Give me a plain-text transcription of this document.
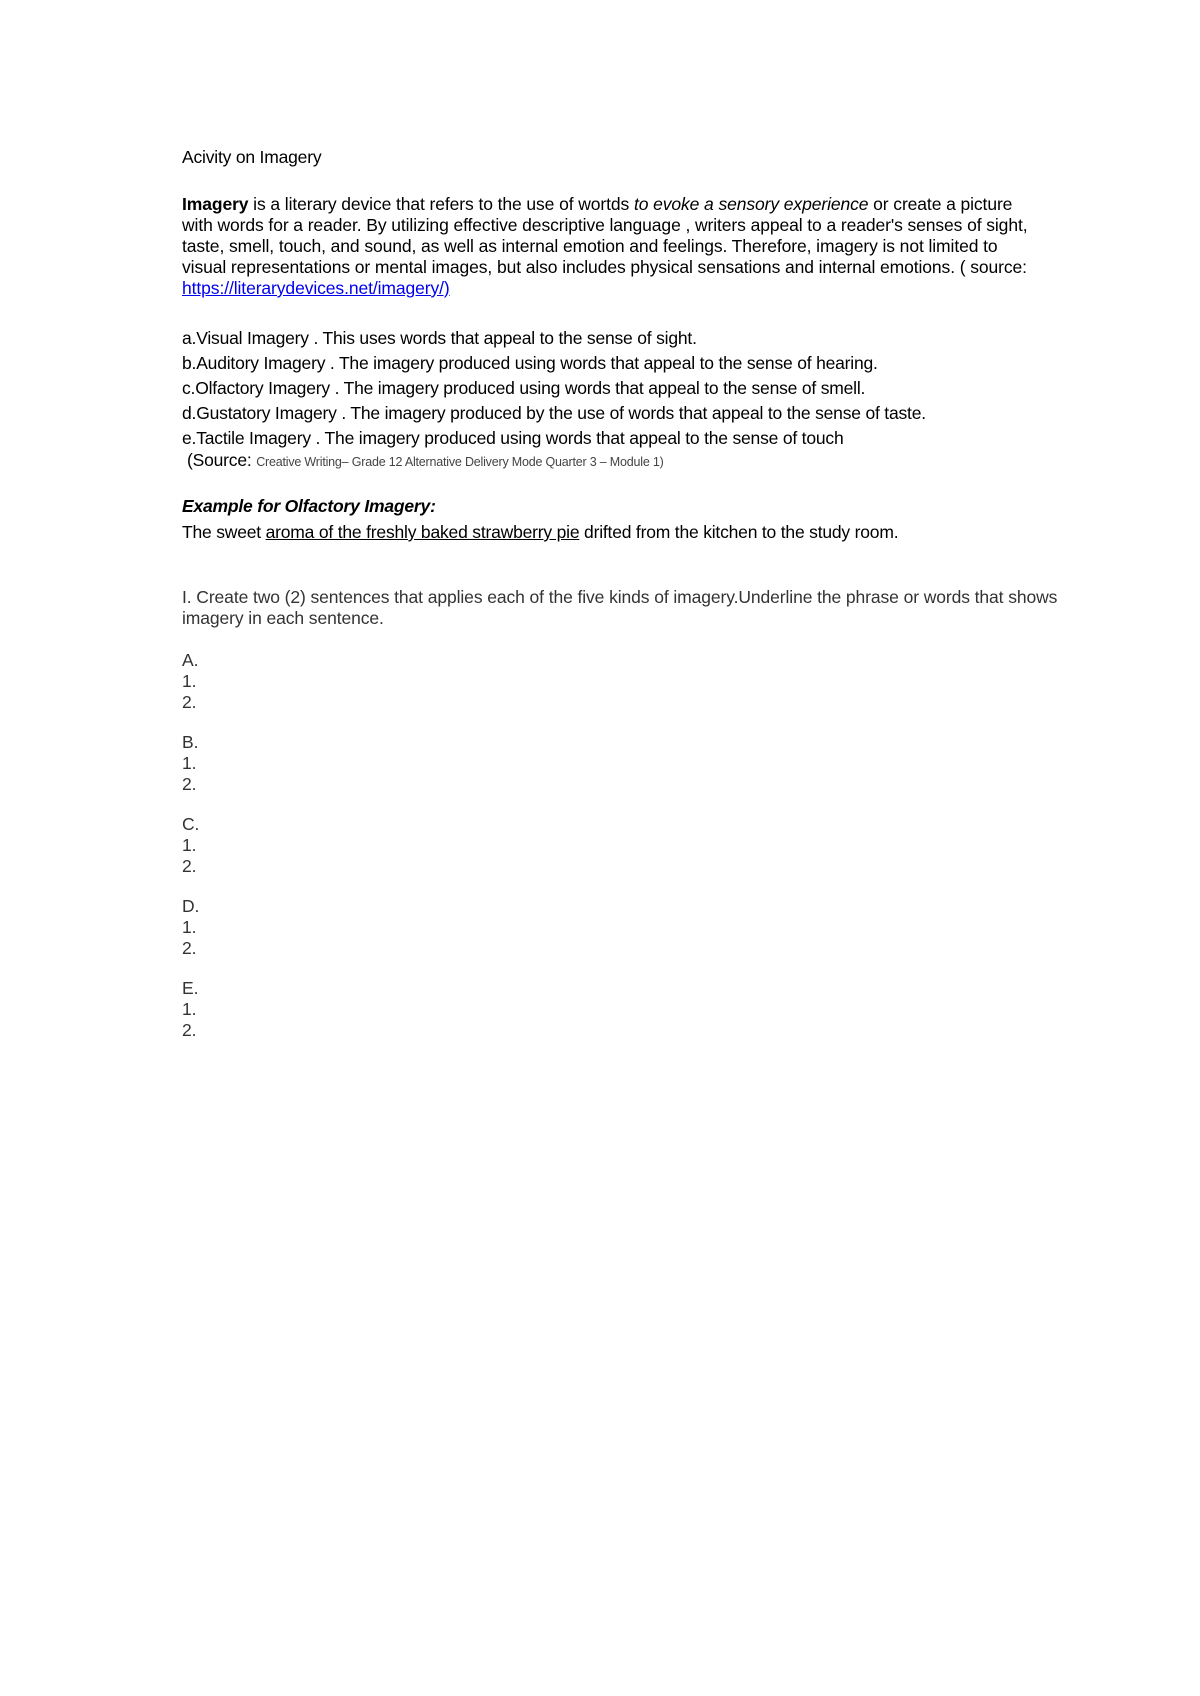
Acivity on Imagery
Imagery is a literary device that refers to the use of wortds to evoke a sensory experience or create a picture with words for a reader. By utilizing effective descriptive language , writers appeal to a reader's senses of sight, taste, smell, touch, and sound, as well as internal emotion and feelings. Therefore, imagery is not limited to visual representations or mental images, but also includes physical sensations and internal emotions. ( source: https://literarydevices.net/imagery/)
a.Visual Imagery . This uses words that appeal to the sense of sight.
b.Auditory Imagery . The imagery produced using words that appeal to the sense of hearing.
c.Olfactory Imagery . The imagery produced using words that appeal to the sense of smell.
d.Gustatory Imagery . The imagery produced by the use of words that appeal to the sense of taste.
e.Tactile Imagery . The imagery produced using words that appeal to the sense of touch
(Source: Creative Writing– Grade 12 Alternative Delivery Mode Quarter 3 – Module 1)
Example for Olfactory Imagery:
The sweet aroma of the freshly baked strawberry pie drifted from the kitchen to the study room.
I. Create two (2) sentences that applies each of the five kinds of imagery.Underline the phrase or words that shows imagery in each sentence.
A.
1.
2.
B.
1.
2.
C.
1.
2.
D.
1.
2.
E.
1.
2.
